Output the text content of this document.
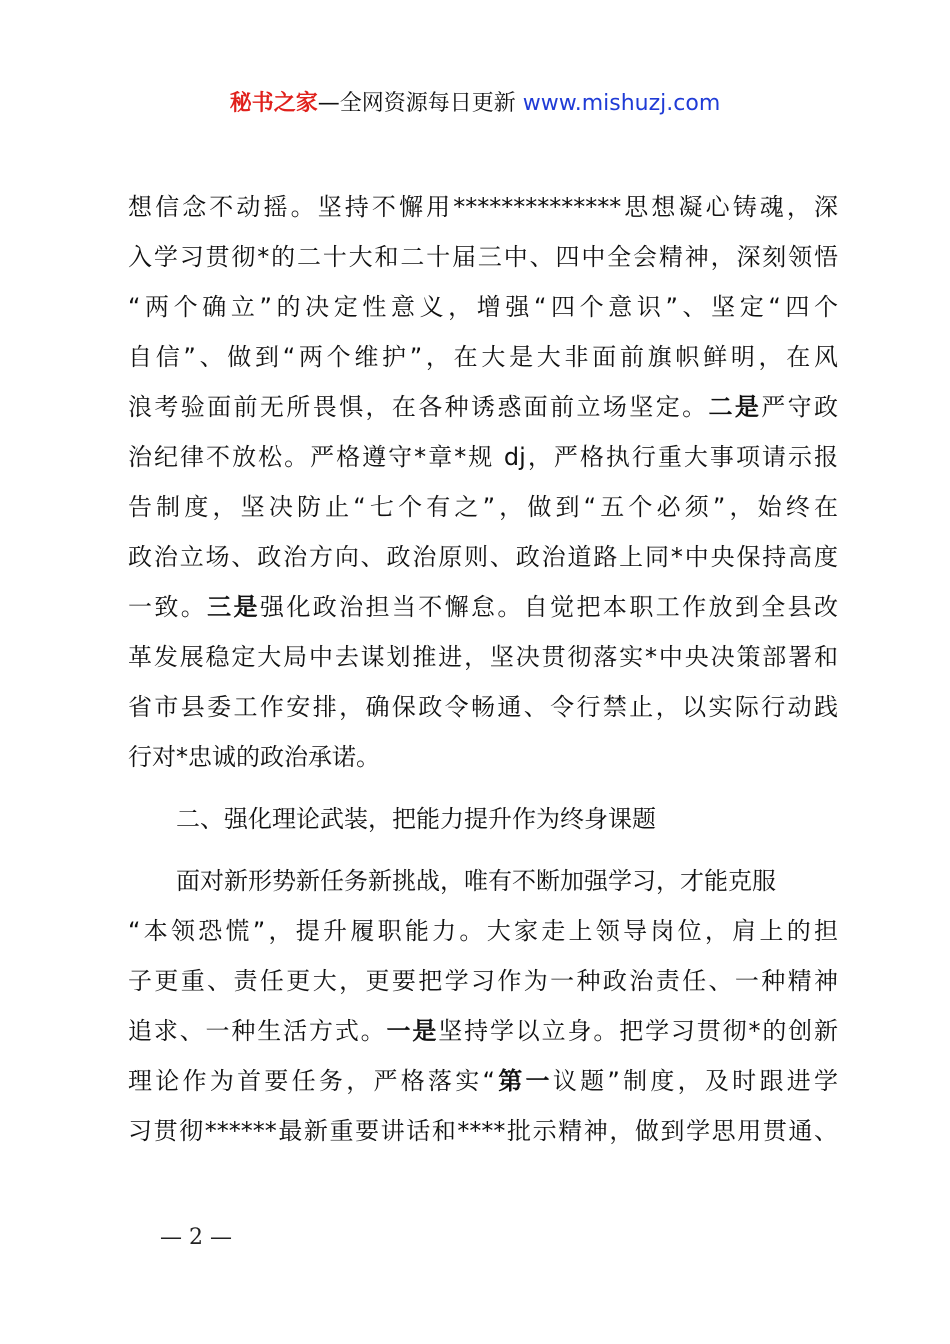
秘书之家—全网资源每日更新 www.mishuzj.com
想信念不动摇。坚持不懈用**************思想凝心铸魂，深
入学习贯彻*的二十大和二十届三中、四中全会精神，深刻领悟
“两个确立”的决定性意义，增强“四个意识”、坚定“四个
自信”、做到“两个维护”，在大是大非面前旗帜鲜明，在风
浪考验面前无所畏惧，在各种诱惑面前立场坚定。二是严守政
治纪律不放松。严格遵守*章*规 dj，严格执行重大事项请示报
告制度，坚决防止“七个有之”，做到“五个必须”，始终在
政治立场、政治方向、政治原则、政治道路上同*中央保持高度
一致。三是强化政治担当不懈怠。自觉把本职工作放到全县改
革发展稳定大局中去谋划推进，坚决贯彻落实*中央决策部署和
省市县委工作安排，确保政令畅通、令行禁止，以实际行动践
行对*忠诚的政治承诺。
二、强化理论武装，把能力提升作为终身课题
面对新形势新任务新挑战，唯有不断加强学习，才能克服
“本领恐慌”，提升履职能力。大家走上领导岗位，肩上的担
子更重、责任更大，更要把学习作为一种政治责任、一种精神
追求、一种生活方式。一是坚持学以立身。把学习贯彻*的创新
理论作为首要任务，严格落实“第一议题”制度，及时跟进学
习贯彻******最新重要讲话和****批示精神，做到学思用贯通、
— 2 —
